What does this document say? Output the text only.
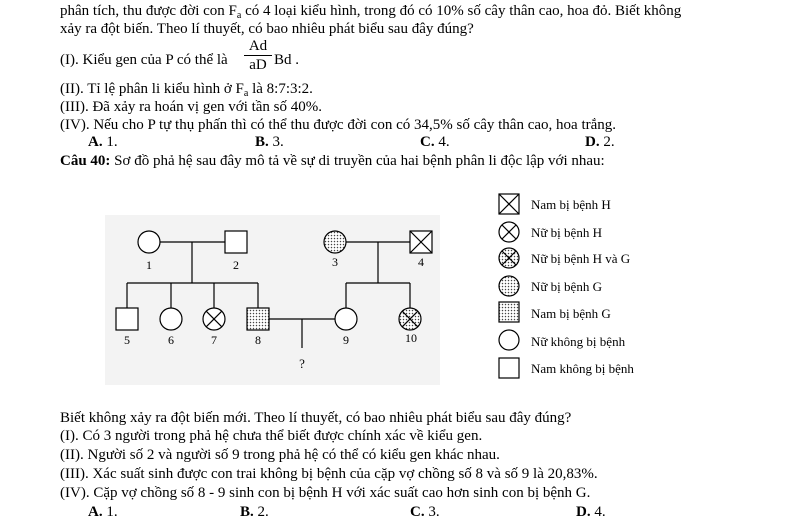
phân tích, thu được đời con $F_a$ có 4 loại kiểu hình, trong đó có 10% số cây thân cao, hoa đỏ. Biết không
xảy ra đột biến. Theo lí thuyết, có bao nhiêu phát biểu sau đây đúng?
(I). Kiểu gen của P có thể là
Ad
aD Bd .
(II). Tỉ lệ phân li kiểu hình ở $F_a$ là 8:7:3:2.
(III). Đã xảy ra hoán vị gen với tần số 40%.
(IV). Nếu cho P tự thụ phấn thì có thể thu được đời con có 34,5% số cây thân cao, hoa trắng.
A. 1.	B. 3.	C. 4.	D. 2.
Câu 40: Sơ đồ phả hệ sau đây mô tả về sự di truyền của hai bệnh phân li độc lập với nhau:
1	2	3	4
5	6	7	8	9	10
?
Nam bị bệnh H
Nữ bị bệnh H
Nữ bị bệnh H và G
Nữ bị bệnh G
Nam bị bệnh G
Nữ không bị bệnh
Nam không bị bệnh
Biết không xảy ra đột biến mới. Theo lí thuyết, có bao nhiêu phát biểu sau đây đúng?
(I). Có 3 người trong phả hệ chưa thể biết được chính xác về kiểu gen.
(II). Người số 2 và người số 9 trong phả hệ có thể có kiểu gen khác nhau.
(III). Xác suất sinh được con trai không bị bệnh của cặp vợ chồng số 8 và số 9 là 20,83%.
(IV). Cặp vợ chồng số 8 - 9 sinh con bị bệnh H với xác suất cao hơn sinh con bị bệnh G.
A. 1.	B. 2.	C. 3.	D. 4.
